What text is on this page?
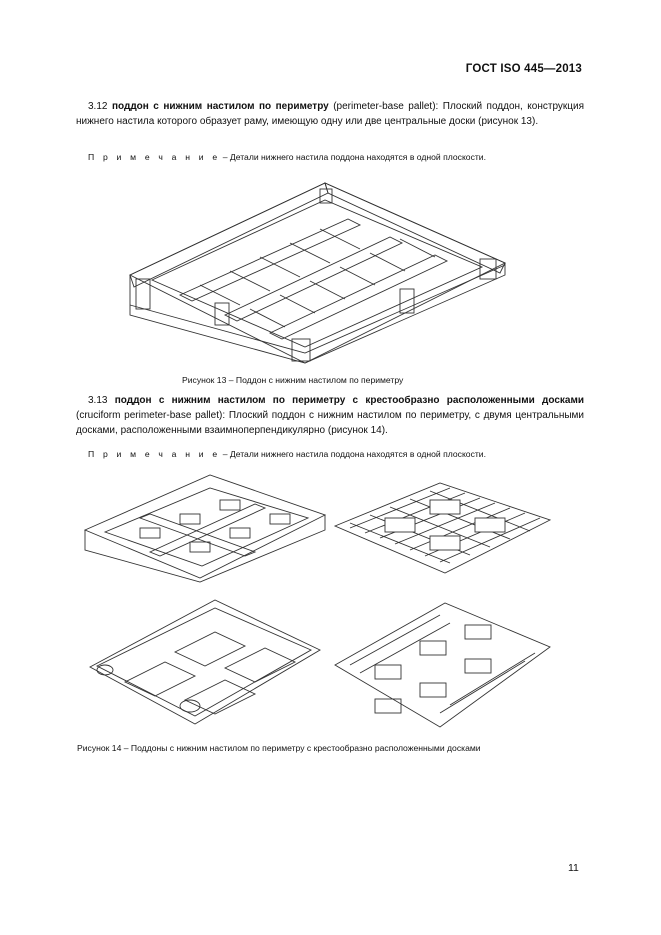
ГОСТ ISO 445—2013
3.12 поддон с нижним настилом по периметру (perimeter-base pallet): Плоский поддон, конструкция нижнего настила которого образует раму, имеющую одну или две центральные доски (рисунок 13).
П р и м е ч а н и е – Детали нижнего настила поддона находятся в одной плоскости.
Рисунок 13 – Поддон с нижним настилом по периметру
3.13 поддон с нижним настилом по периметру с крестообразно расположенными досками (cruciform perimeter-base pallet): Плоский поддон с нижним настилом по периметру, с двумя центральными досками, расположенными взаимноперпендикулярно (рисунок 14).
П р и м е ч а н и е – Детали нижнего настила поддона находятся в одной плоскости.
Рисунок 14 – Поддоны с нижним настилом по периметру с крестообразно расположенными досками
11
